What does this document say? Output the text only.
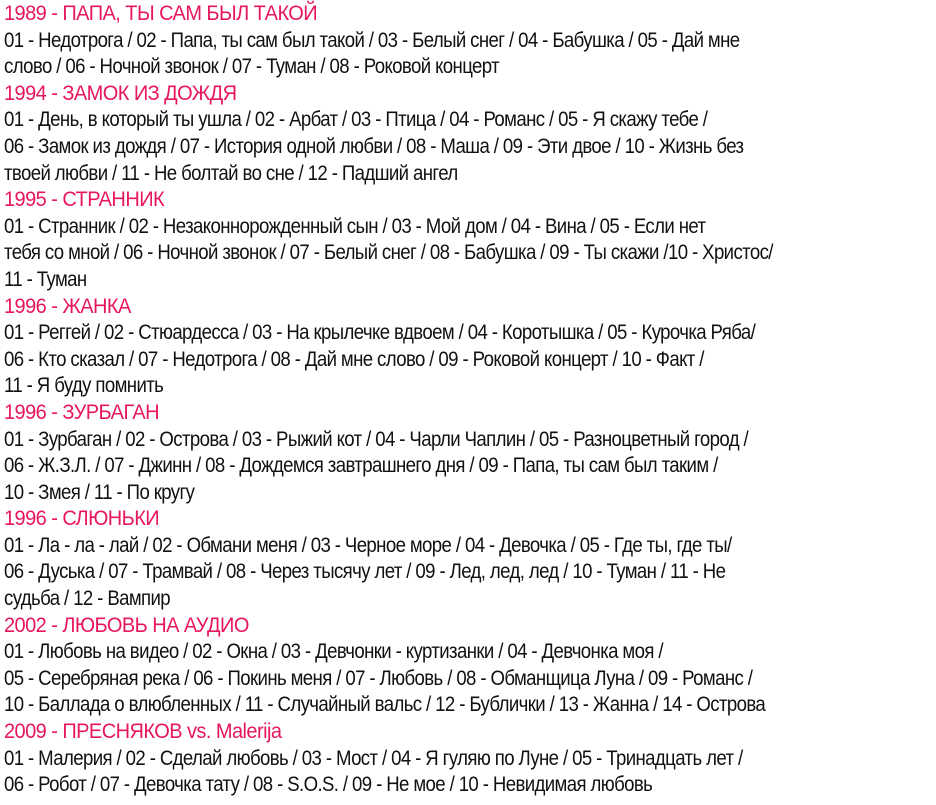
1989 - ПАПА, ТЫ САМ БЫЛ ТАКОЙ
01 - Недотрога / 02 - Папа, ты сам был такой / 03 - Белый снег / 04 - Бабушка / 05 - Дай мне
слово / 06 - Ночной звонок / 07 - Туман / 08 - Роковой концерт
1994 - ЗАМОК ИЗ ДОЖДЯ
01 - День, в который ты ушла / 02 - Арбат / 03 - Птица / 04 - Романс / 05 - Я скажу тебе /
06 - Замок из дождя / 07 - История одной любви / 08 - Маша / 09 - Эти двое / 10 - Жизнь без
твоей любви / 11 - Не болтай во сне / 12 - Падший ангел
1995 - СТРАННИК
01 - Странник / 02 - Незаконнорожденный сын / 03 - Мой дом / 04 - Вина / 05 - Если нет
тебя со мной / 06 - Ночной звонок / 07 - Белый снег / 08 - Бабушка / 09 - Ты скажи /10 - Христос/
11 - Туман
1996 - ЖАНКА
01 - Реггей / 02 - Стюардесса / 03 - На крылечке вдвоем / 04 - Коротышка / 05 - Курочка Ряба/
06 - Кто сказал / 07 - Недотрога / 08 - Дай мне слово / 09 - Роковой концерт / 10 - Факт /
11 - Я буду помнить
1996 - ЗУРБАГАН
01 - Зурбаган / 02 - Острова / 03 - Рыжий кот / 04 - Чарли Чаплин / 05 - Разноцветный город /
06 - Ж.З.Л. / 07 - Джинн / 08 - Дождемся завтрашнего дня / 09 - Папа, ты сам был таким /
10 - Змея / 11 - По кругу
1996 - СЛЮНЬКИ
01 - Ла - ла - лай / 02 - Обмани меня / 03 - Черное море / 04 - Девочка / 05 - Где ты, где ты/
06 - Дуська / 07 - Трамвай / 08 - Через тысячу лет / 09 - Лед, лед, лед / 10 - Туман / 11 - Не
судьба / 12 - Вампир
2002 - ЛЮБОВЬ НА АУДИО
01 - Любовь на видео / 02 - Окна / 03 - Девчонки - куртизанки / 04 - Девчонка моя /
05 - Серебряная река / 06 - Покинь меня / 07 - Любовь / 08 - Обманщица Луна / 09 - Романс /
10 - Баллада о влюбленных / 11 - Случайный вальс / 12 - Бублички / 13 - Жанна / 14 - Острова
2009 - ПРЕСНЯКОВ vs. Malerija
01 - Малерия / 02 - Сделай любовь / 03 - Мост / 04 - Я гуляю по Луне / 05 - Тринадцать лет /
06 - Робот / 07 - Девочка тату / 08 - S.O.S. / 09 - Не мое / 10 - Невидимая любовь
